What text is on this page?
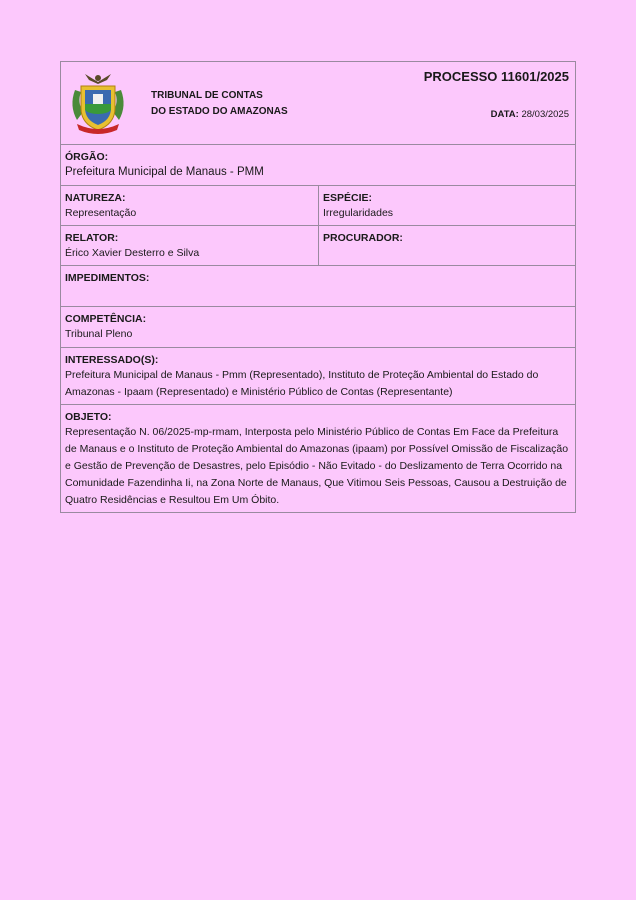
TRIBUNAL DE CONTAS
DO ESTADO DO AMAZONAS
PROCESSO 11601/2025
DATA: 28/03/2025
ÓRGÃO:
Prefeitura Municipal de Manaus - PMM
NATUREZA:
Representação
ESPÉCIE:
Irregularidades
RELATOR:
Érico Xavier Desterro e Silva
PROCURADOR:
IMPEDIMENTOS:
COMPETÊNCIA:
Tribunal Pleno
INTERESSADO(S):
Prefeitura Municipal de Manaus - Pmm (Representado), Instituto de Proteção Ambiental do Estado do Amazonas - Ipaam (Representado) e Ministério Público de Contas (Representante)
OBJETO:
Representação N. 06/2025-mp-rmam, Interposta pelo Ministério Público de Contas Em Face da Prefeitura de Manaus e o Instituto de Proteção Ambiental do Amazonas (ipaam) por Possível Omissão de Fiscalização e Gestão de Prevenção de Desastres, pelo Episódio - Não Evitado - do Deslizamento de Terra Ocorrido na Comunidade Fazendinha Ii, na Zona Norte de Manaus, Que Vitimou Seis Pessoas, Causou a Destruição de Quatro Residências e Resultou Em Um Óbito.
